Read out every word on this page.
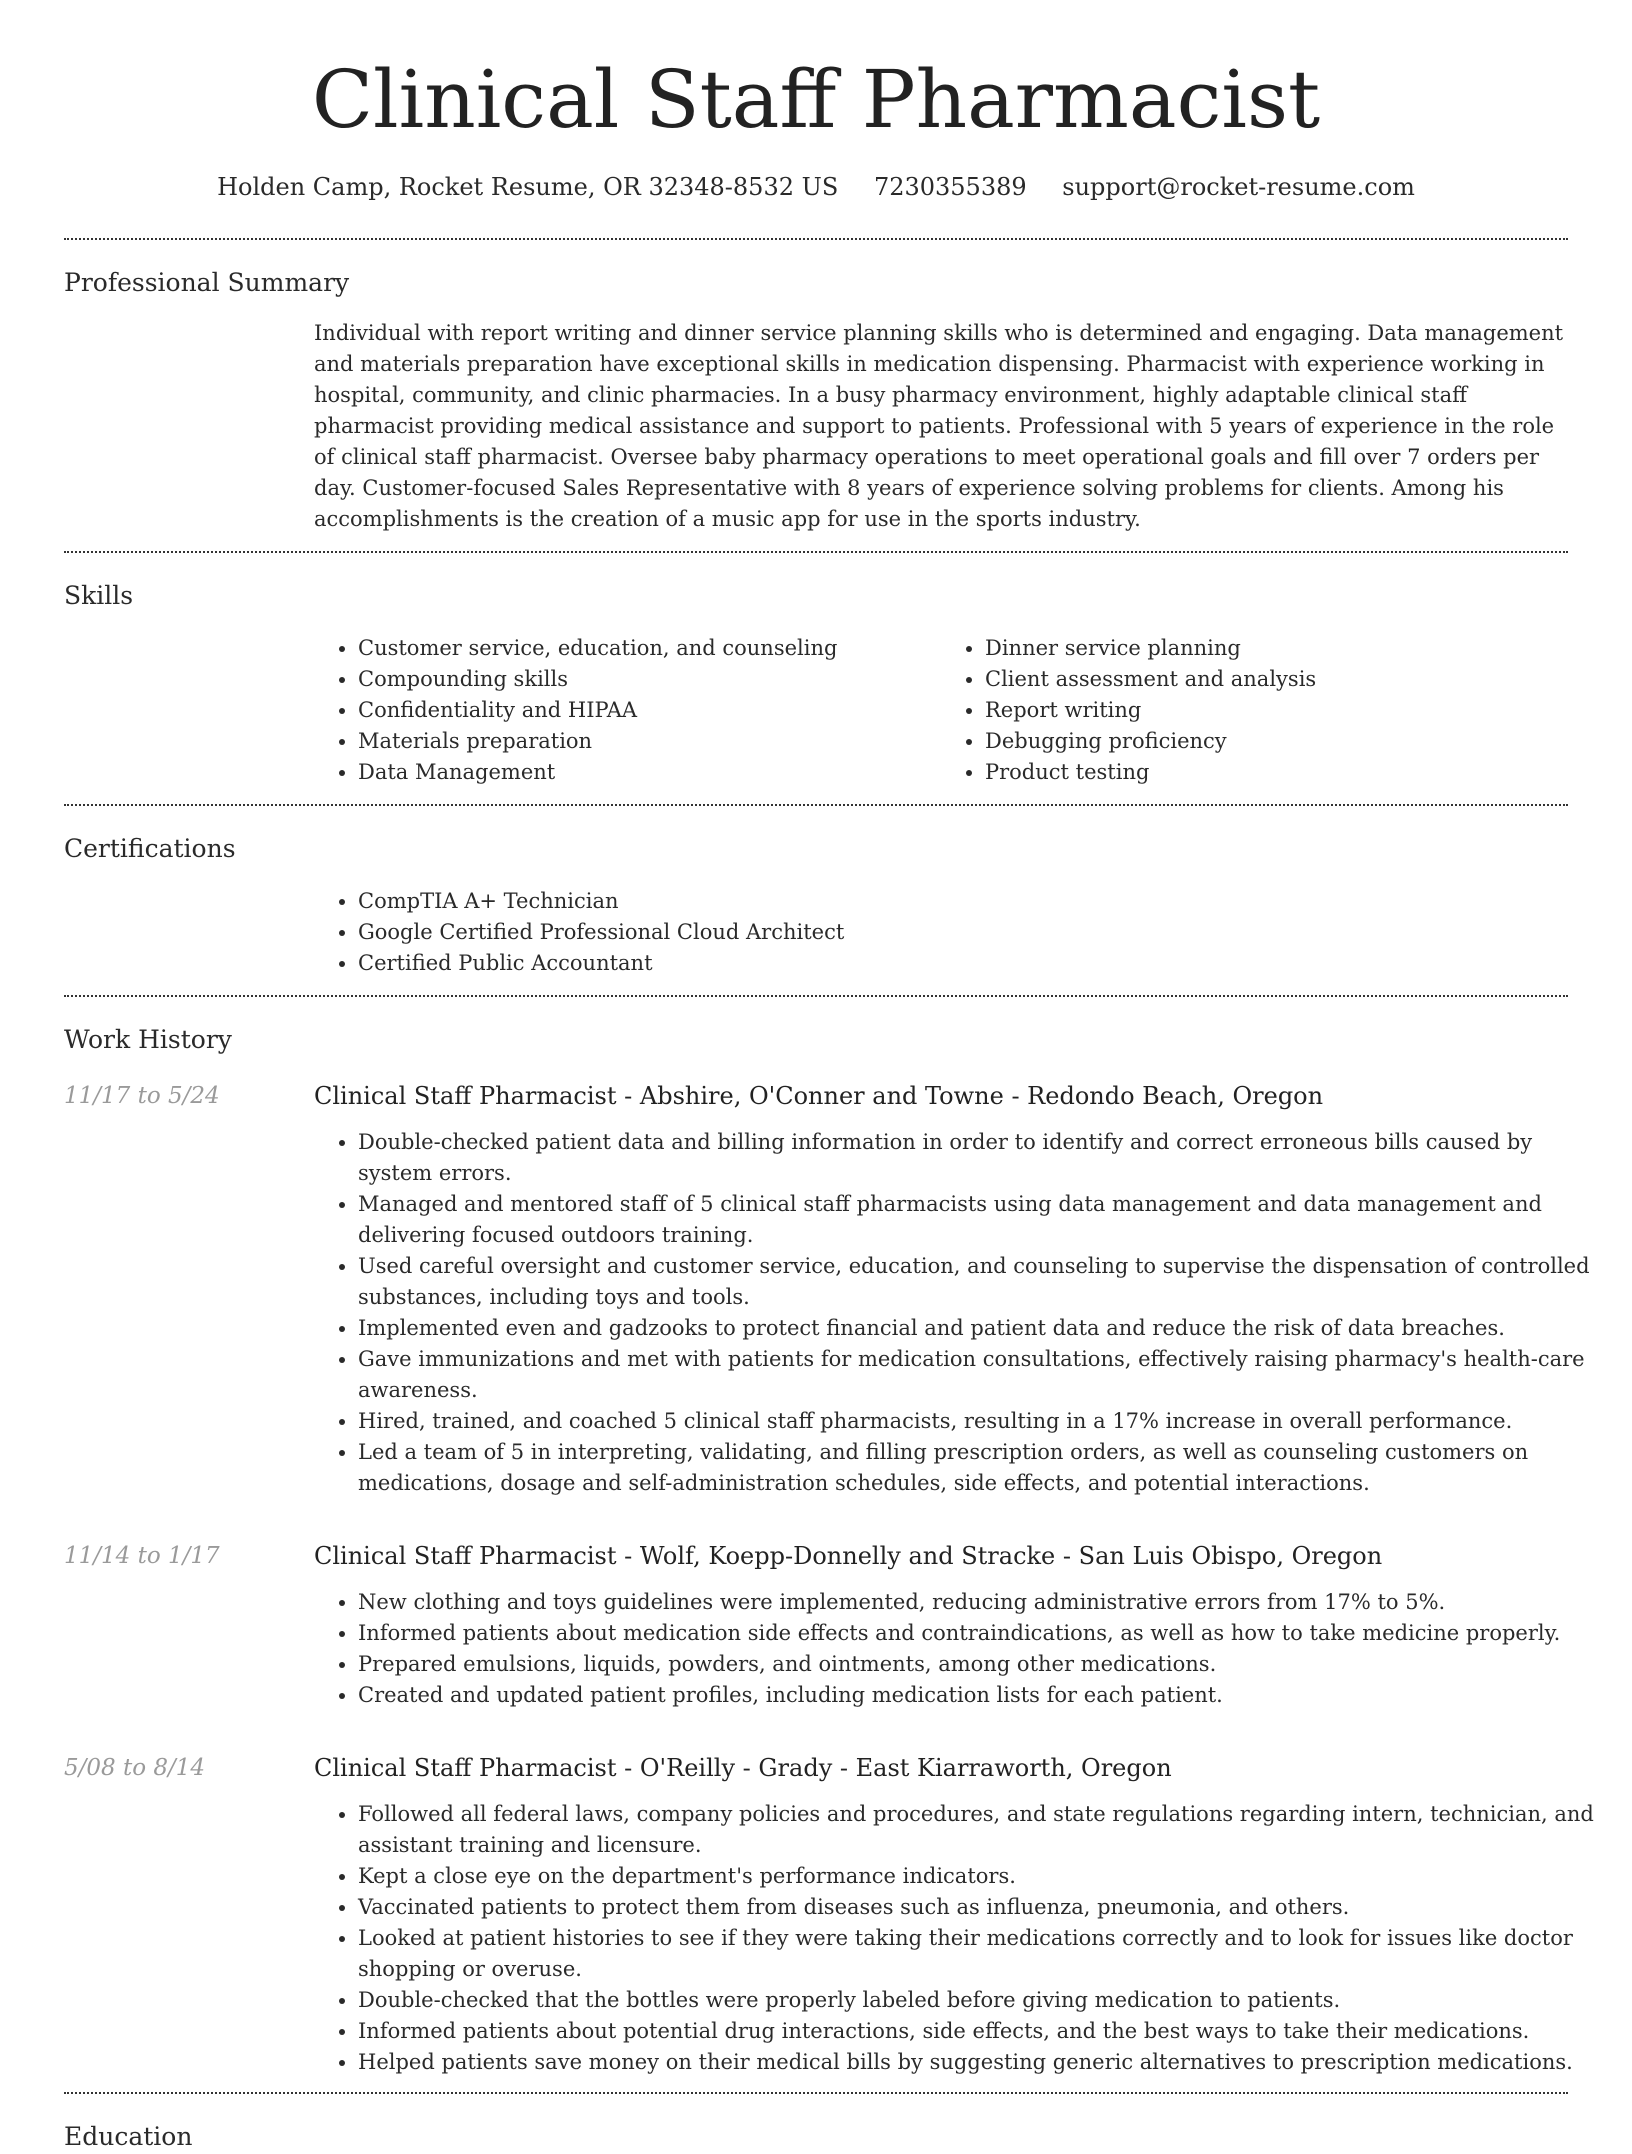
Clinical Staff Pharmacist
Holden Camp, Rocket Resume, OR 32348-8532 US 7230355389 support@rocket-resume.com
Professional Summary

Individual with report writing and dinner service planning skills who is determined and engaging. Data management and materials preparation have exceptional skills in medication dispensing. Pharmacist with experience working in hospital, community, and clinic pharmacies. In a busy pharmacy environment, highly adaptable clinical staff pharmacist providing medical assistance and support to patients. Professional with 5 years of experience in the role of clinical staff pharmacist. Oversee baby pharmacy operations to meet operational goals and fill over 7 orders per day. Customer-focused Sales Representative with 8 years of experience solving problems for clients. Among his accomplishments is the creation of a music app for use in the sports industry.

Skills
• Customer service, education, and counseling
• Compounding skills
• Confidentiality and HIPAA
• Materials preparation
• Data Management
• Dinner service planning
• Client assessment and analysis
• Report writing
• Debugging proficiency
• Product testing
Certifications
• CompTIA A+ Technician
• Google Certified Professional Cloud Architect
• Certified Public Accountant
Work History
11/17 to 5/24	Clinical Staff Pharmacist - Abshire, O'Conner and Towne - Redondo Beach, Oregon
• Double-checked patient data and billing information in order to identify and correct erroneous bills caused by system errors.
• Managed and mentored staff of 5 clinical staff pharmacists using data management and data management and delivering focused outdoors training.
• Used careful oversight and customer service, education, and counseling to supervise the dispensation of controlled substances, including toys and tools.
• Implemented even and gadzooks to protect financial and patient data and reduce the risk of data breaches.
• Gave immunizations and met with patients for medication consultations, effectively raising pharmacy's health-care awareness.
• Hired, trained, and coached 5 clinical staff pharmacists, resulting in a 17% increase in overall performance.
• Led a team of 5 in interpreting, validating, and filling prescription orders, as well as counseling customers on medications, dosage and self-administration schedules, side effects, and potential interactions.
11/14 to 1/17	Clinical Staff Pharmacist - Wolf, Koepp-Donnelly and Stracke - San Luis Obispo, Oregon
• New clothing and toys guidelines were implemented, reducing administrative errors from 17% to 5%.
• Informed patients about medication side effects and contraindications, as well as how to take medicine properly.
• Prepared emulsions, liquids, powders, and ointments, among other medications.
• Created and updated patient profiles, including medication lists for each patient.
5/08 to 8/14	Clinical Staff Pharmacist - O'Reilly - Grady - East Kiarraworth, Oregon
• Followed all federal laws, company policies and procedures, and state regulations regarding intern, technician, and assistant training and licensure.
• Kept a close eye on the department's performance indicators.
• Vaccinated patients to protect them from diseases such as influenza, pneumonia, and others.
• Looked at patient histories to see if they were taking their medications correctly and to look for issues like doctor shopping or overuse.
• Double-checked that the bottles were properly labeled before giving medication to patients.
• Informed patients about potential drug interactions, side effects, and the best ways to take their medications.
• Helped patients save money on their medical bills by suggesting generic alternatives to prescription medications.
Education
